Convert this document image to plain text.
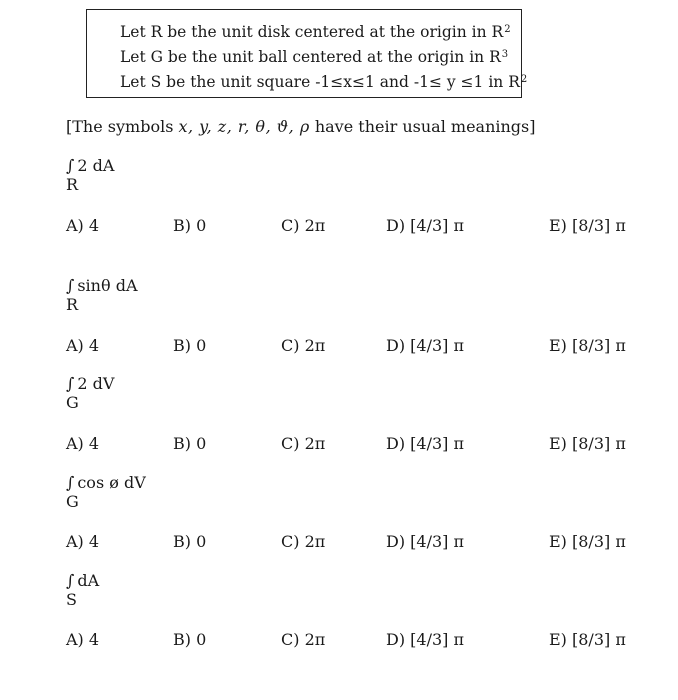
Let R be the unit disk centered at the origin in $R^2$
Let G be the unit ball centered at the origin in $R^3$
Let S be the unit square -1≤x≤1 and -1≤ y ≤1 in $R^2$
[The symbols x, y, z, r, θ, ϑ, ρ have their usual meanings]
∫ 2 dA
R
A) 4	B) 0	C) 2π	D) [4/3] π	E) [8/3] π
∫ sinθ dA
R
A) 4	B) 0	C) 2π	D) [4/3] π	E) [8/3] π
∫ 2 dV
G
A) 4	B) 0	C) 2π	D) [4/3] π	E) [8/3] π
∫ cos ø dV
G
A) 4	B) 0	C) 2π	D) [4/3] π	E) [8/3] π
∫ dA
S
A) 4	B) 0	C) 2π	D) [4/3] π	E) [8/3] π
